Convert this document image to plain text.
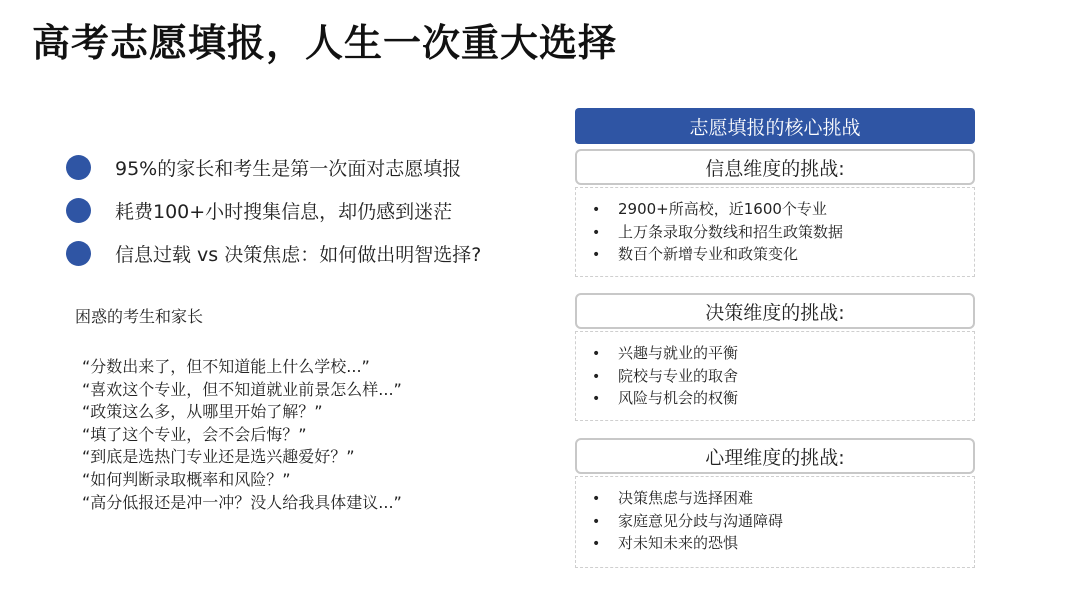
高考志愿填报，人生一次重大选择
95%的家长和考生是第一次面对志愿填报
耗费100+小时搜集信息，却仍感到迷茫
信息过载 vs 决策焦虑：如何做出明智选择?
困惑的考生和家长
“分数出来了，但不知道能上什么学校...”
“喜欢这个专业，但不知道就业前景怎么样...”
“政策这么多，从哪里开始了解？”
“填了这个专业，会不会后悔？”
“到底是选热门专业还是选兴趣爱好？”
“如何判断录取概率和风险？”
“高分低报还是冲一冲？没人给我具体建议...”
志愿填报的核心挑战
信息维度的挑战:
• 2900+所高校，近1600个专业
• 上万条录取分数线和招生政策数据
• 数百个新增专业和政策变化
决策维度的挑战:
• 兴趣与就业的平衡
• 院校与专业的取舍
• 风险与机会的权衡
心理维度的挑战:
• 决策焦虑与选择困难
• 家庭意见分歧与沟通障碍
• 对未知未来的恐惧
